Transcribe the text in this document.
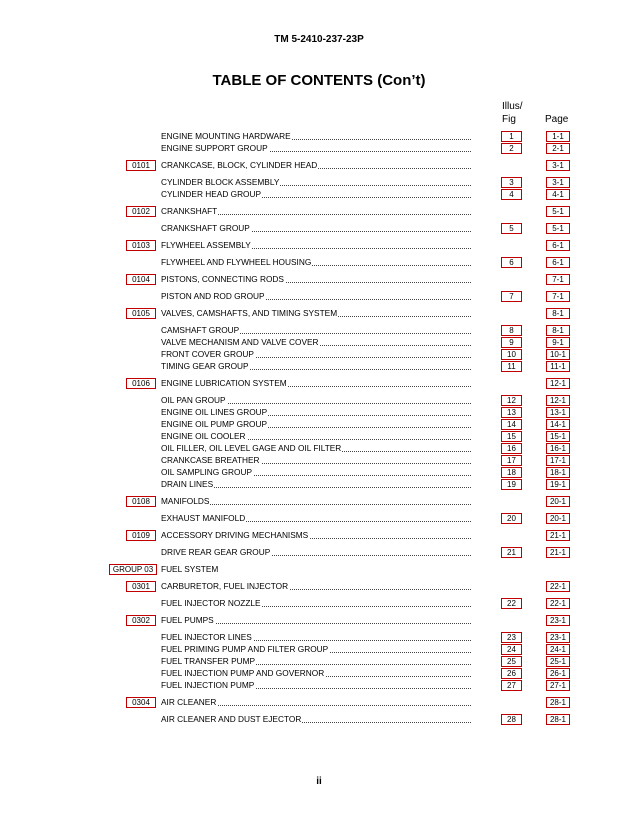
TM 5-2410-237-23P
TABLE OF CONTENTS (Con’t)
Illus/
Fig	Page
ENGINE MOUNTING HARDWARE	1	1-1
ENGINE SUPPORT GROUP	2	2-1
0101	CRANKCASE, BLOCK, CYLINDER HEAD	3-1
CYLINDER BLOCK ASSEMBLY	3	3-1
CYLINDER HEAD GROUP	4	4-1
0102	CRANKSHAFT	5-1
CRANKSHAFT GROUP	5	5-1
0103	FLYWHEEL ASSEMBLY	6-1
FLYWHEEL AND FLYWHEEL HOUSING	6	6-1
0104	PISTONS, CONNECTING RODS	7-1
PISTON AND ROD GROUP	7	7-1
0105	VALVES, CAMSHAFTS, AND TIMING SYSTEM	8-1
CAMSHAFT GROUP	8	8-1
VALVE MECHANISM AND VALVE COVER	9	9-1
FRONT COVER GROUP	10	10-1
TIMING GEAR GROUP	11	11-1
0106	ENGINE LUBRICATION SYSTEM	12-1
OIL PAN GROUP	12	12-1
ENGINE OIL LINES GROUP	13	13-1
ENGINE OIL PUMP GROUP	14	14-1
ENGINE OIL COOLER	15	15-1
OIL FILLER, OIL LEVEL GAGE AND OIL FILTER	16	16-1
CRANKCASE BREATHER	17	17-1
OIL SAMPLING GROUP	18	18-1
DRAIN LINES	19	19-1
0108	MANIFOLDS	20-1
EXHAUST MANIFOLD	20	20-1
0109	ACCESSORY DRIVING MECHANISMS	21-1
DRIVE REAR GEAR GROUP	21	21-1
GROUP 03 FUEL SYSTEM
0301	CARBURETOR, FUEL INJECTOR	22-1
FUEL INJECTOR NOZZLE	22	22-1
0302	FUEL PUMPS	23-1
FUEL INJECTOR LINES	23	23-1
FUEL PRIMING PUMP AND FILTER GROUP	24	24-1
FUEL TRANSFER PUMP	25	25-1
FUEL INJECTION PUMP AND GOVERNOR	26	26-1
FUEL INJECTION PUMP	27	27-1
0304	AIR CLEANER	28-1
AIR CLEANER AND DUST EJECTOR	28	28-1
ii
